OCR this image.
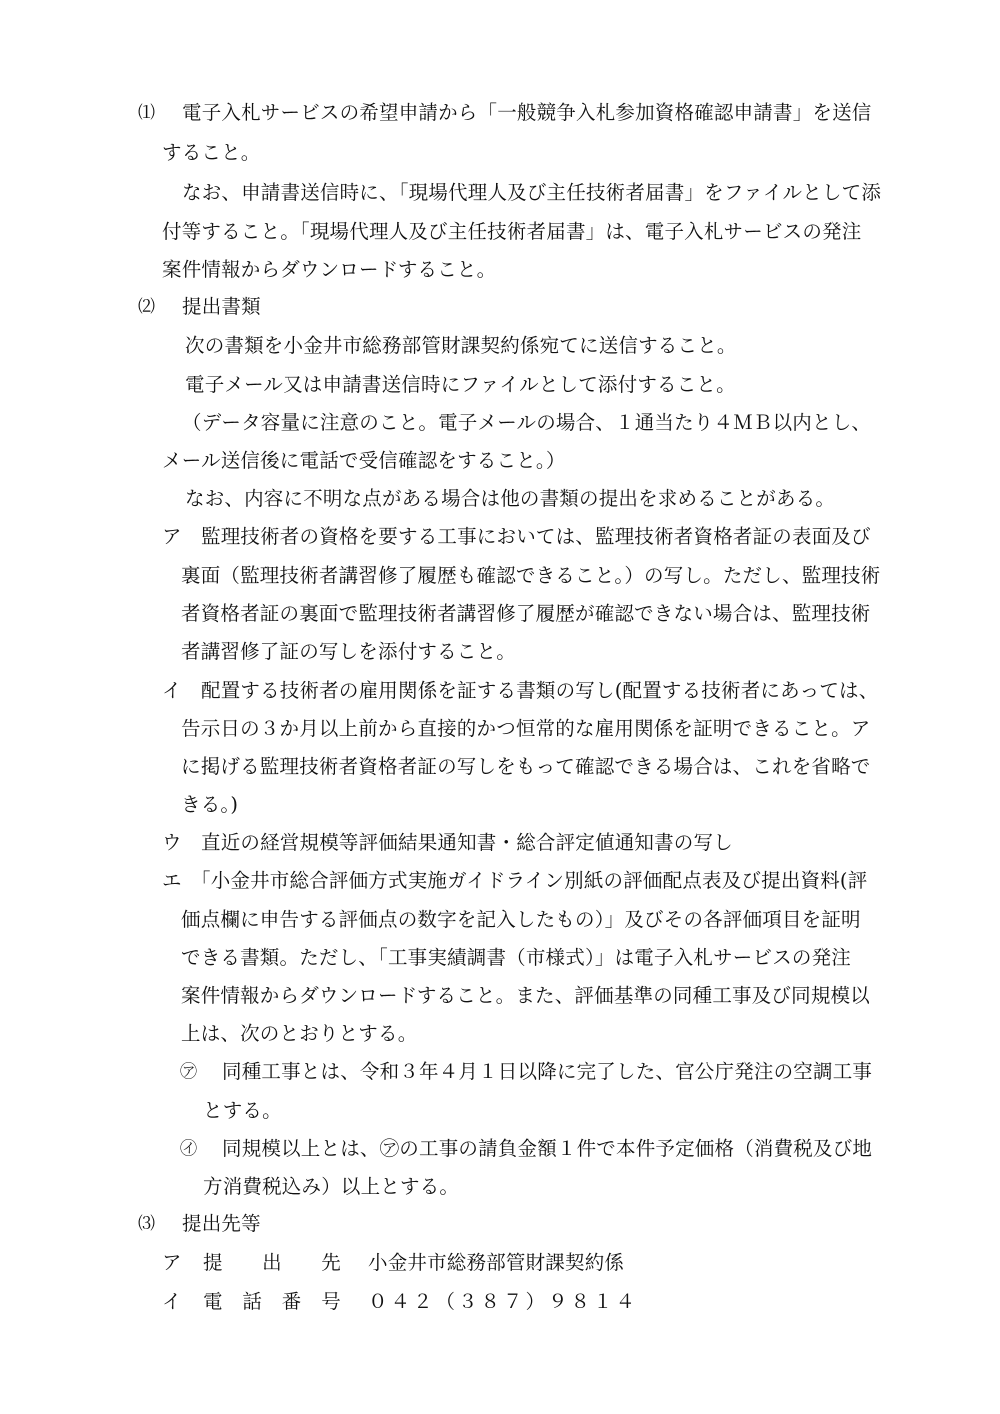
⑴ 電子入札サービスの希望申請から「一般競争入札参加資格確認申請書」を送信
すること。
なお、申請書送信時に、「現場代理人及び主任技術者届書」をファイルとして添
付等すること。「現場代理人及び主任技術者届書」は、電子入札サービスの発注
案件情報からダウンロードすること。
⑵ 提出書類
次の書類を小金井市総務部管財課契約係宛てに送信すること。
電子メール又は申請書送信時にファイルとして添付すること。
（データ容量に注意のこと。電子メールの場合、１通当たり４ＭＢ以内とし、
メール送信後に電話で受信確認をすること。）
なお、内容に不明な点がある場合は他の書類の提出を求めることがある。
ア 監理技術者の資格を要する工事においては、監理技術者資格者証の表面及び
裏面（監理技術者講習修了履歴も確認できること。）の写し。ただし、監理技術
者資格者証の裏面で監理技術者講習修了履歴が確認できない場合は、監理技術
者講習修了証の写しを添付すること。
イ 配置する技術者の雇用関係を証する書類の写し(配置する技術者にあっては、
告示日の３か月以上前から直接的かつ恒常的な雇用関係を証明できること。ア
に掲げる監理技術者資格者証の写しをもって確認できる場合は、これを省略で
きる。)
ウ 直近の経営規模等評価結果通知書・総合評定値通知書の写し
エ 「小金井市総合評価方式実施ガイドライン別紙の評価配点表及び提出資料(評
価点欄に申告する評価点の数字を記入したもの）」及びその各評価項目を証明
できる書類。ただし、「工事実績調書（市様式）」は電子入札サービスの発注
案件情報からダウンロードすること。また、評価基準の同種工事及び同規模以
上は、次のとおりとする。
㋐ 同種工事とは、令和３年４月１日以降に完了した、官公庁発注の空調工事
とする。
㋑ 同規模以上とは、㋐の工事の請負金額１件で本件予定価格（消費税及び地
方消費税込み）以上とする。
⑶ 提出先等
ア 提　　出　　先 小金井市総務部管財課契約係
イ 電　話　番　号 ０４２（３８７）９８１４
